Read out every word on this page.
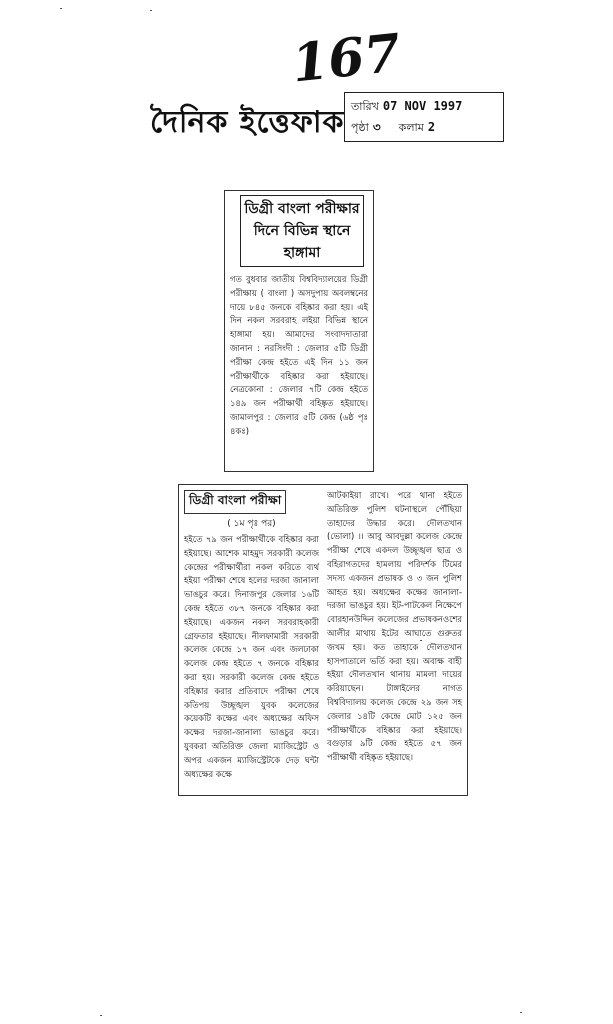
167
দৈনিক ইত্তেফাক তারিখ 07 NOV 1997
পৃষ্ঠা ৩ কলাম 2
ডিগ্রী বাংলা পরীক্ষার
দিনে বিভিন্ন স্থানে
হাঙ্গামা
গত বুধবার জাতীয় বিশ্ববিদ্যালয়ের ডিগ্রী পরীক্ষায় ( বাংলা ) অসদুপায় অবলম্বনের দায়ে ৮৪৫ জনকে বহিষ্কার করা হয়। এই দিন নকল সরবরাহ লইয়া বিভিন্ন স্থানে হাঙ্গামা হয়। আমাদের সংবাদদাতারা জানান : নরসিংদী : জেলার ৫টি ডিগ্রী পরীক্ষা কেন্দ্র হইতে এই দিন ১১ জন পরীক্ষার্থীকে বহিষ্কার করা হইয়াছে। নেত্রকোনা : জেলার ৭টি কেন্দ্র হইতে ১৪৯ জন পরীক্ষার্থী বহিষ্কৃত হইয়াছে। জামালপুর : জেলার ৫টি কেন্দ্র (৬ষ্ঠ পৃঃ ৪কঃ)
ডিগ্রী বাংলা পরীক্ষা
( ১ম পৃঃ পর)
হইতে ৭৯ জন পরীক্ষার্থীকে বহিষ্কার করা হইয়াছে। আশেক মাহমুদ সরকারী কলেজ কেন্দ্রের পরীক্ষার্থীরা নকল করিতে ব্যর্থ হইয়া পরীক্ষা শেষে হলের দরজা জানালা ভাঙচুর করে। দিনাজপুর জেলার ১৬টি কেন্দ্র হইতে ৩৮৭ জনকে বহিষ্কার করা হইয়াছে। একজন নকল সরবরাহকারী গ্রেফতার হইয়াছে। নীলফামারী সরকারী কলেজ কেন্দ্রে ১৭ জন এবং জলঢাকা কলেজ কেন্দ্র হইতে ৭ জনকে বহিষ্কার করা হয়। সরকারী কলেজ কেন্দ্র হইতে বহিষ্কার করার প্রতিবাদে পরীক্ষা শেষে কতিপয় উচ্ছৃঙ্খল যুবক কলেজের কয়েকটি কক্ষের এবং অধ্যক্ষের অফিস কক্ষের দরজা-জানালা ভাঙচুর করে। যুবকরা অতিরিক্ত জেলা ম্যাজিস্ট্রেট ও অপর একজন ম্যাজিস্ট্রেটকে দেড় ঘন্টা অধ্যক্ষের কক্ষে
আটকাইয়া রাখে। পরে থানা হইতে অতিরিক্ত পুলিশ ঘটনাস্থলে পৌঁছিয়া তাহাদের উদ্ধার করে। দৌলতখান (ভোলা) ।। আবু আবদুল্লা কলেজ কেন্দ্রে পরীক্ষা শেষে একদল উচ্ছৃঙ্খল ছাত্র ও বহিরাগতদের হামলায় পরিদর্শক টিমের সদস্য একজন প্রভাষক ও ৩ জন পুলিশ আহত হয়। অধ্যক্ষের কক্ষের জানালা-দরজা ভাঙচুর হয়। ইট-পাটকেল নিক্ষেপে বোরহানউদ্দিন কলেজের প্রভাষকনওশের আলীর মাথায় ইটের আঘাতে গুরুতর জখম হয়। কত তাহাকে দৌলতখান হাসপাতালে ভর্তি করা হয়। অবাক্ষ বাহী হইয়া দৌলতখান থানায় মামলা দায়ের করিয়াছেন। টাঙ্গাইলের নাগত বিশ্ববিদ্যালয় কলেজ কেন্দ্রে ২৯ জন সহ জেলার ১৪টি কেন্দ্রে মোট ১২৫ জন পরীক্ষার্থীকে বহিষ্কার করা হইয়াছে। বগুড়ার ৯টি কেন্দ্র হইতে ৫৭ জন পরীক্ষার্থী বহিষ্কৃত হইয়াছে।
